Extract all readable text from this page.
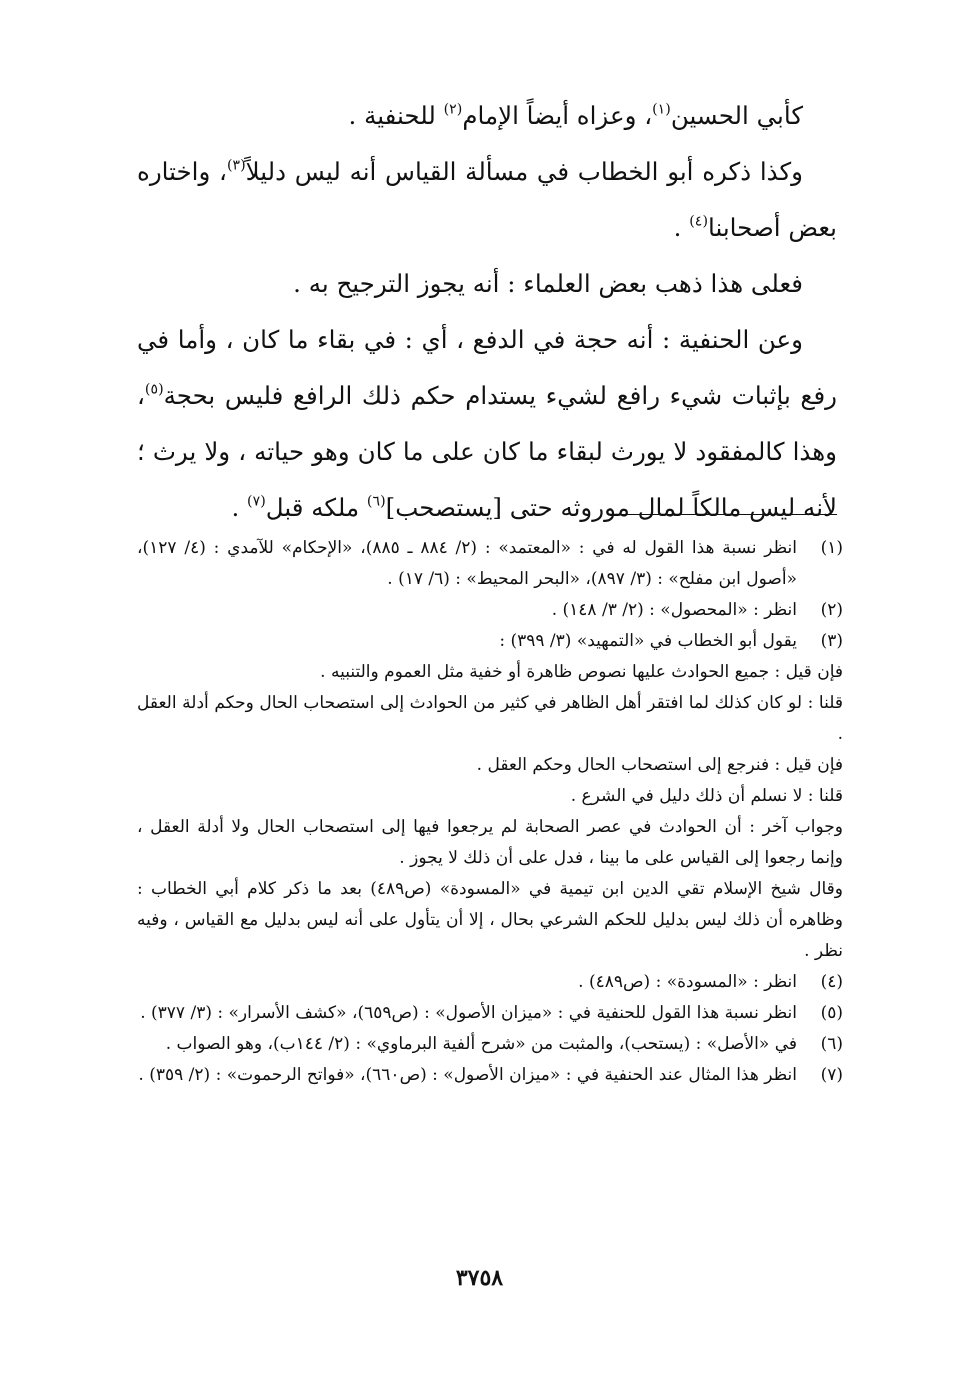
كأبي الحسين$^{(١)}$، وعزاه أيضاً الإمام$^{(٢)}$ للحنفية .

وكذا ذكره أبو الخطاب في مسألة القياس أنه ليس دليلاً$^{(٣)}$، واختاره بعض أصحابنا$^{(٤)}$ .

فعلى هذا ذهب بعض العلماء : أنه يجوز الترجيح به .

وعن الحنفية : أنه حجة في الدفع ، أي : في بقاء ما كان ، وأما في رفع بإثبات شيء رافع لشيء يستدام حكم ذلك الرافع فليس بحجة$^{(٥)}$، وهذا كالمفقود لا يورث لبقاء ما كان على ما كان وهو حياته ، ولا يرث ؛ لأنه ليس مالكاً لمال موروثه حتى [يستصحب]$^{(٦)}$ ملكه قبل$^{(٧)}$ .

(١)

انظر نسبة هذا القول له في : «المعتمد» : (٢/ ٨٨٤ ـ ٨٨٥)، «الإحكام» للآمدي : (٤/ ١٢٧)، «أصول ابن مفلح» : (٣/ ٨٩٧)، «البحر المحيط» : (٦/ ١٧) .

(٢)

انظر : «المحصول» : (٢/ ٣/ ١٤٨) .

(٣)

يقول أبو الخطاب في «التمهيد» (٣/ ٣٩٩) :

فإن قيل : جميع الحوادث عليها نصوص ظاهرة أو خفية مثل العموم والتنبيه .

قلنا : لو كان كذلك لما افتقر أهل الظاهر في كثير من الحوادث إلى استصحاب الحال وحكم أدلة العقل .

فإن قيل : فنرجع إلى استصحاب الحال وحكم العقل .

قلنا : لا نسلم أن ذلك دليل في الشرع .

وجواب آخر : أن الحوادث في عصر الصحابة لم يرجعوا فيها إلى استصحاب الحال ولا أدلة العقل ، وإنما رجعوا إلى القياس على ما بينا ، فدل على أن ذلك لا يجوز .

وقال شيخ الإسلام تقي الدين ابن تيمية في «المسودة» (ص٤٨٩) بعد ما ذكر كلام أبي الخطاب : وظاهره أن ذلك ليس بدليل للحكم الشرعي بحال ، إلا أن يتأول على أنه ليس بدليل مع القياس ، وفيه نظر .

(٤)

انظر : «المسودة» : (ص٤٨٩) .

(٥)

انظر نسبة هذا القول للحنفية في : «ميزان الأصول» : (ص٦٥٩)، «كشف الأسرار» : (٣/ ٣٧٧) .

(٦)

في «الأصل» : (يستحب)، والمثبت من «شرح ألفية البرماوي» : (٢/ ١٤٤ب)، وهو الصواب .

(٧)

انظر هذا المثال عند الحنفية في : «ميزان الأصول» : (ص٦٦٠)، «فواتح الرحموت» : (٢/ ٣٥٩) .

٣٧٥٨
